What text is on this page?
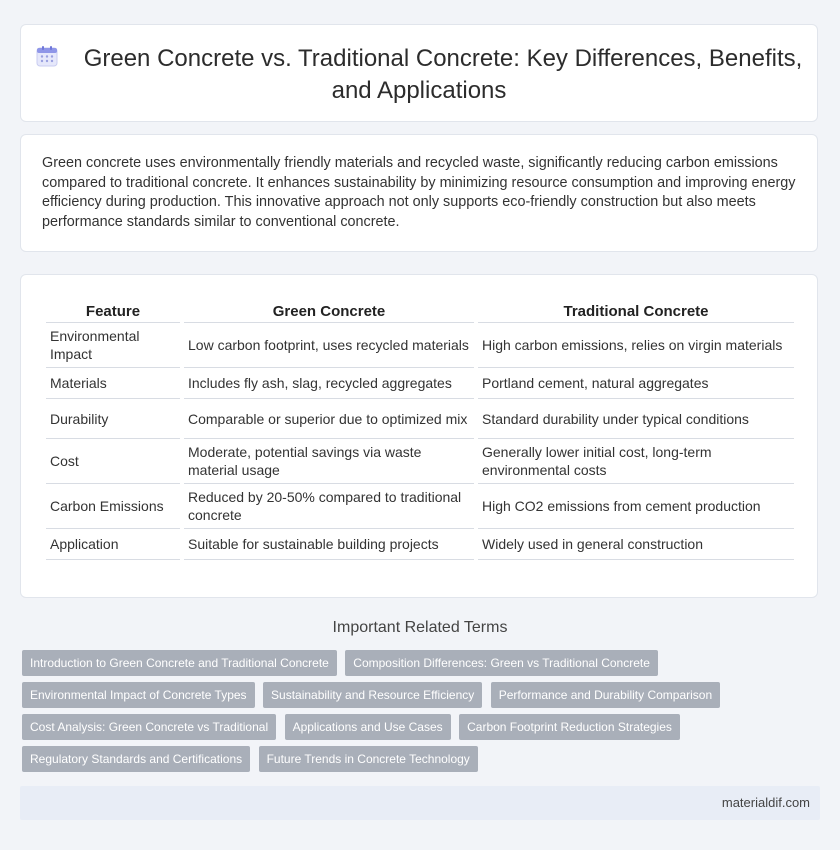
Green Concrete vs. Traditional Concrete: Key Differences, Benefits, and Applications

Green concrete uses environmentally friendly materials and recycled waste, significantly reducing carbon emissions compared to traditional concrete. It enhances sustainability by minimizing resource consumption and improving energy efficiency during production. This innovative approach not only supports eco-friendly construction but also meets performance standards similar to conventional concrete.

Feature	Green Concrete	Traditional Concrete
Environmental Impact	Low carbon footprint, uses recycled materials	High carbon emissions, relies on virgin materials
Materials	Includes fly ash, slag, recycled aggregates	Portland cement, natural aggregates
Durability	Comparable or superior due to optimized mix	Standard durability under typical conditions
Cost	Moderate, potential savings via waste material usage	Generally lower initial cost, long-term environmental costs
Carbon Emissions	Reduced by 20-50% compared to traditional concrete	High CO2 emissions from cement production
Application	Suitable for sustainable building projects	Widely used in general construction
Important Related Terms
Introduction to Green Concrete and Traditional Concrete Composition Differences: Green vs Traditional Concrete
Environmental Impact of Concrete Types Sustainability and Resource Efficiency Performance and Durability Comparison
Cost Analysis: Green Concrete vs Traditional Applications and Use Cases Carbon Footprint Reduction Strategies
Regulatory Standards and Certifications Future Trends in Concrete Technology
materialdif.com
